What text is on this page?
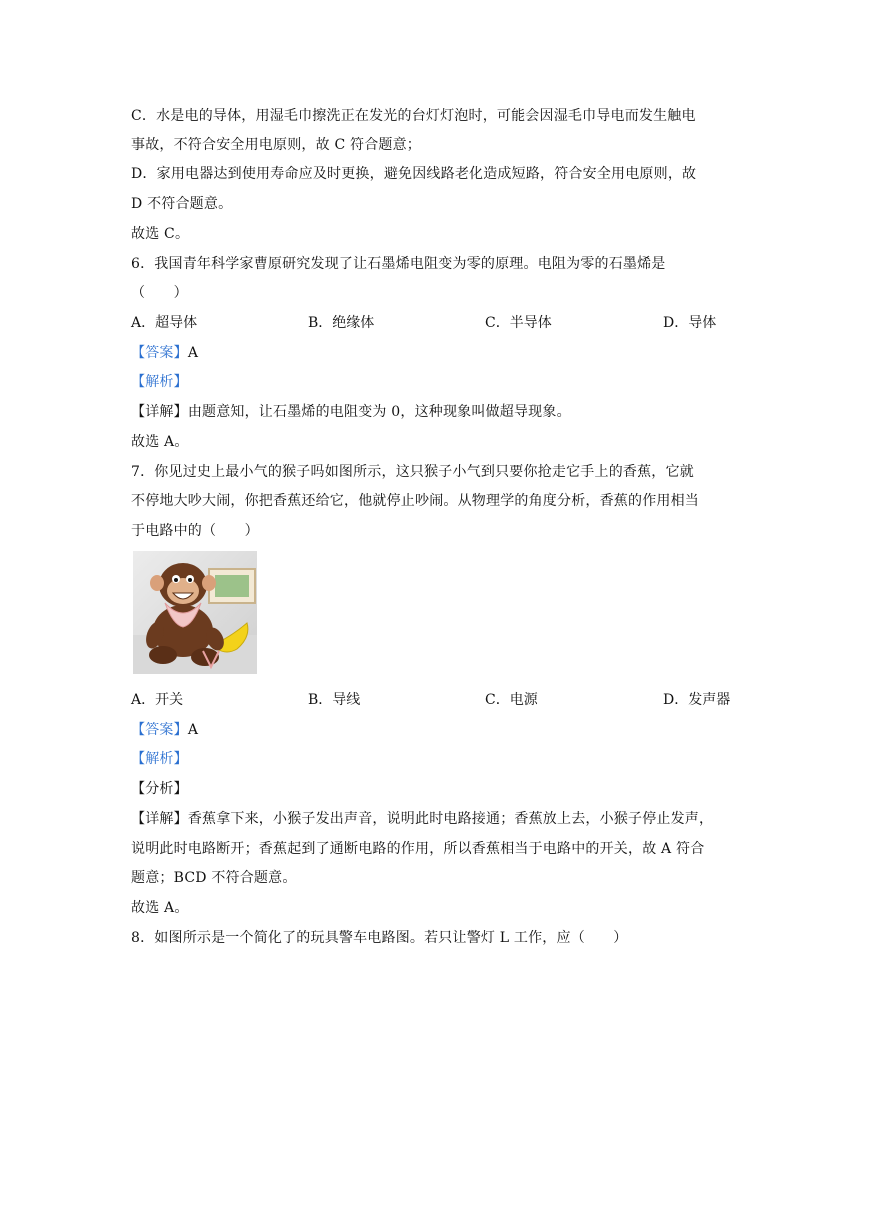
C．水是电的导体，用湿毛巾擦洗正在发光的台灯灯泡时，可能会因湿毛巾导电而发生触电
事故，不符合安全用电原则，故 C 符合题意；
D．家用电器达到使用寿命应及时更换，避免因线路老化造成短路，符合安全用电原则，故
D 不符合题意。
故选 C。
6．我国青年科学家曹原研究发现了让石墨烯电阻变为零的原理。电阻为零的石墨烯是
（　　）
A．超导体	B．绝缘体	C．半导体	D．导体
【答案】A
【解析】
【详解】由题意知，让石墨烯的电阻变为 0，这种现象叫做超导现象。
故选 A。
7．你见过史上最小气的猴子吗如图所示，这只猴子小气到只要你抢走它手上的香蕉，它就
不停地大吵大闹，你把香蕉还给它，他就停止吵闹。从物理学的角度分析，香蕉的作用相当
于电路中的（　　）
A．开关	B．导线	C．电源	D．发声器
【答案】A
【解析】
【分析】
【详解】香蕉拿下来，小猴子发出声音，说明此时电路接通；香蕉放上去，小猴子停止发声，
说明此时电路断开；香蕉起到了通断电路的作用，所以香蕉相当于电路中的开关，故 A 符合
题意；BCD 不符合题意。
故选 A。
8．如图所示是一个简化了的玩具警车电路图。若只让警灯 L 工作，应（　　）
